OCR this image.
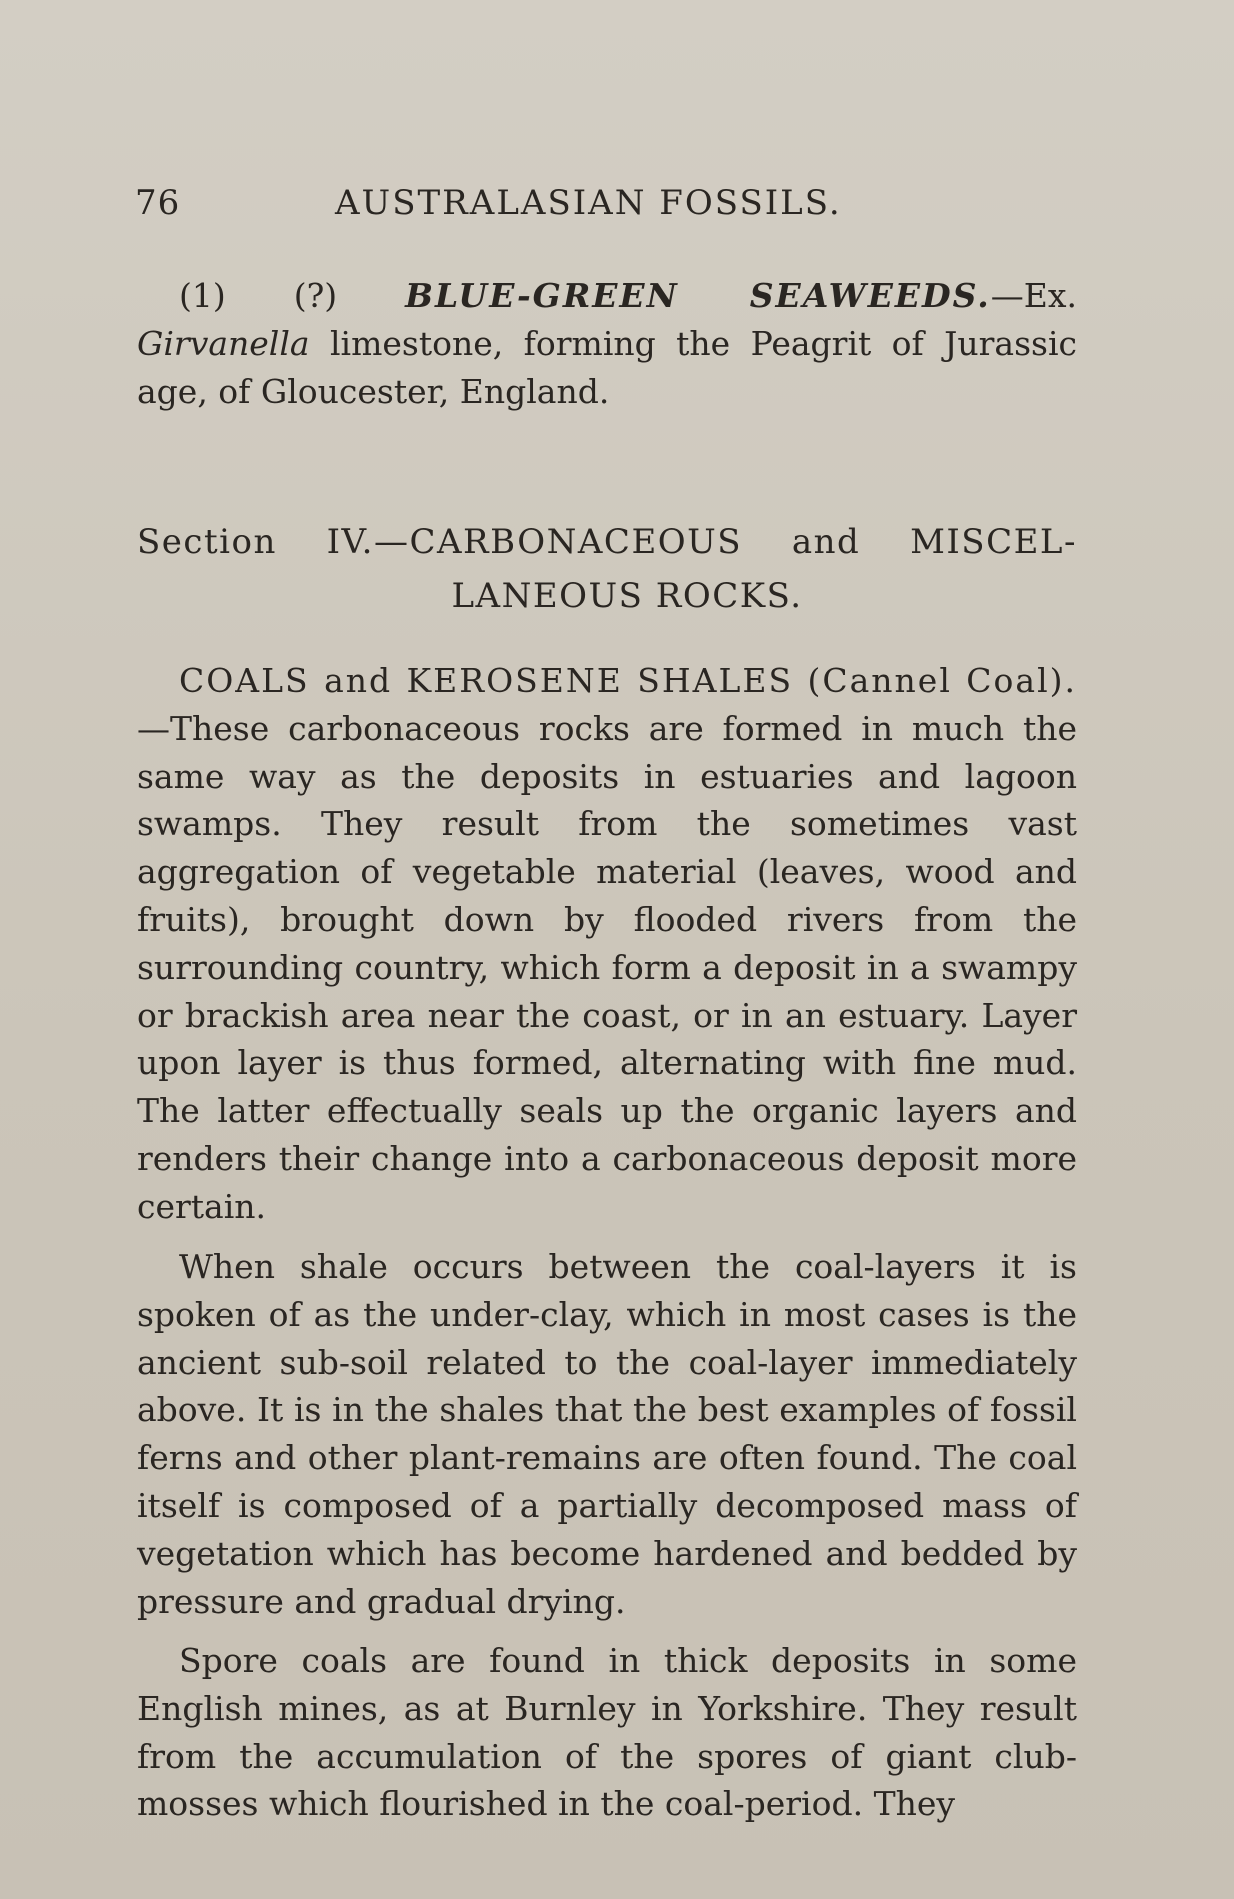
76	AUSTRALASIAN FOSSILS.

(1) (?) BLUE-GREEN SEAWEEDS.—Ex. Girvanella limestone, forming the Peagrit of Jurassic age, of Gloucester, England.

Section IV.—CARBONACEOUS and MISCEL-
LANEOUS ROCKS.

COALS and KEROSENE SHALES (Cannel Coal).—These carbonaceous rocks are formed in much the same way as the deposits in estuaries and lagoon swamps. They result from the sometimes vast aggregation of vegetable material (leaves, wood and fruits), brought down by flooded rivers from the surrounding country, which form a deposit in a swampy or brackish area near the coast, or in an estuary. Layer upon layer is thus formed, alternating with fine mud. The latter effectually seals up the organic layers and renders their change into a carbonaceous deposit more certain.

When shale occurs between the coal-layers it is spoken of as the under-clay, which in most cases is the ancient sub-soil related to the coal-layer immediately above. It is in the shales that the best examples of fossil ferns and other plant-remains are often found. The coal itself is composed of a partially decomposed mass of vegetation which has become hardened and bedded by pressure and gradual drying.

Spore coals are found in thick deposits in some English mines, as at Burnley in Yorkshire. They result from the accumulation of the spores of giant club-mosses which flourished in the coal-period. They
